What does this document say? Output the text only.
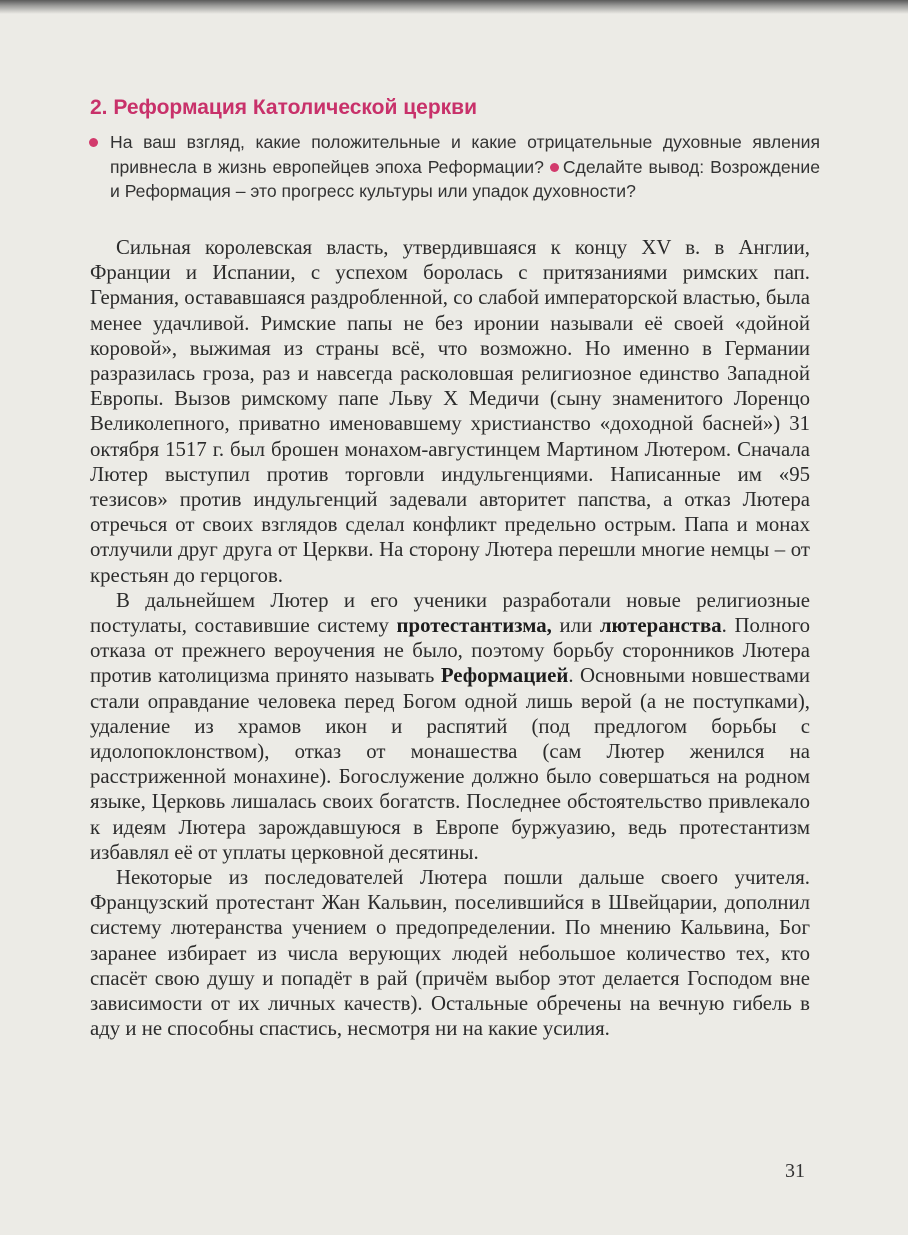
2. Реформация Католической церкви
На ваш взгляд, какие положительные и какие отрицательные духовные явления привнесла в жизнь европейцев эпоха Реформации? Сделайте вывод: Возрождение и Реформация – это прогресс культуры или упадок духовности?

Сильная королевская власть, утвердившаяся к концу XV в. в Англии, Франции и Испании, с успехом боролась с притязаниями римских пап. Германия, остававшаяся раздробленной, со слабой императорской властью, была менее удачливой. Римские папы не без иронии называли её своей «дойной коровой», выжимая из страны всё, что возможно. Но именно в Германии разразилась гроза, раз и навсегда расколовшая религиозное единство Западной Европы. Вызов римскому папе Льву X Медичи (сыну знаменитого Лоренцо Великолепного, приватно именовавшему христианство «доходной басней») 31 октября 1517 г. был брошен монахом-августинцем Мартином Лютером. Сначала Лютер выступил против торговли индульгенциями. Написанные им «95 тезисов» против индульгенций задевали авторитет папства, а отказ Лютера отречься от своих взглядов сделал конфликт предельно острым. Папа и монах отлучили друг друга от Церкви. На сторону Лютера перешли многие немцы – от крестьян до герцогов.

В дальнейшем Лютер и его ученики разработали новые религиозные постулаты, составившие систему протестантизма, или лютеранства. Полного отказа от прежнего вероучения не было, поэтому борьбу сторонников Лютера против католицизма принято называть Реформацией. Основными новшествами стали оправдание человека перед Богом одной лишь верой (а не поступками), удаление из храмов икон и распятий (под предлогом борьбы с идолопоклонством), отказ от монашества (сам Лютер женился на расстриженной монахине). Богослужение должно было совершаться на родном языке, Церковь лишалась своих богатств. Последнее обстоятельство привлекало к идеям Лютера зарождавшуюся в Европе буржуазию, ведь протестантизм избавлял её от уплаты церковной десятины.

Некоторые из последователей Лютера пошли дальше своего учителя. Французский протестант Жан Кальвин, поселившийся в Швейцарии, дополнил систему лютеранства учением о предопределении. По мнению Кальвина, Бог заранее избирает из числа верующих людей небольшое количество тех, кто спасёт свою душу и попадёт в рай (причём выбор этот делается Господом вне зависимости от их личных качеств). Остальные обречены на вечную гибель в аду и не способны спастись, несмотря ни на какие усилия.

31
